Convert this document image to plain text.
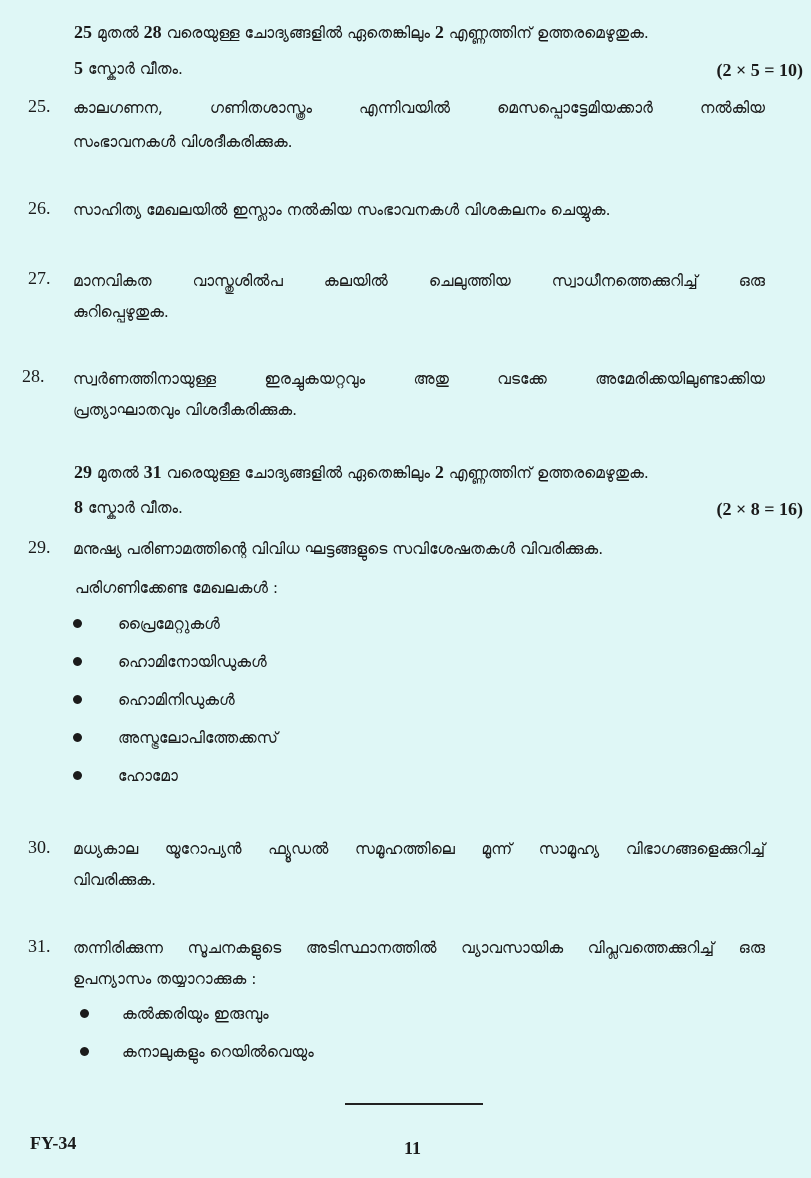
25 മുതൽ 28 വരെയുള്ള ചോദ്യങ്ങളിൽ ഏതെങ്കിലും 2 എണ്ണത്തിന് ഉത്തരമെഴുതുക.
5 സ്കോർ വീതം.	(2 × 5 = 10)
25. കാലഗണന, ഗണിതശാസ്ത്രം എന്നിവയിൽ മെസപ്പൊട്ടേമിയക്കാർ നൽകിയ
സംഭാവനകൾ വിശദീകരിക്കുക.
26. സാഹിത്യ മേഖലയിൽ ഇസ്ലാം നൽകിയ സംഭാവനകൾ വിശകലനം ചെയ്യുക.
27. മാനവികത വാസ്തുശിൽപ കലയിൽ ചെലുത്തിയ സ്വാധീനത്തെക്കുറിച്ച് ഒരു
കുറിപ്പെഴുതുക.
28. സ്വർണത്തിനായുള്ള ഇരച്ചുകയറ്റവും അതു വടക്കേ അമേരിക്കയിലുണ്ടാക്കിയ
പ്രത്യാഘാതവും വിശദീകരിക്കുക.
29 മുതൽ 31 വരെയുള്ള ചോദ്യങ്ങളിൽ ഏതെങ്കിലും 2 എണ്ണത്തിന് ഉത്തരമെഴുതുക.
8 സ്കോർ വീതം.	(2 × 8 = 16)
29. മനുഷ്യ പരിണാമത്തിന്റെ വിവിധ ഘട്ടങ്ങളുടെ സവിശേഷതകൾ വിവരിക്കുക.
പരിഗണിക്കേണ്ട മേഖലകൾ :
പ്രൈമേറ്റുകൾ
ഹൊമിനോയിഡുകൾ
ഹൊമിനിഡുകൾ
അസ്ട്രലോപിത്തേക്കസ്
ഹോമോ
30. മധ്യകാല യൂറോപ്യൻ ഫ്യൂഡൽ സമൂഹത്തിലെ മൂന്ന് സാമൂഹ്യ വിഭാഗങ്ങളെക്കുറിച്ച്
വിവരിക്കുക.
31. തന്നിരിക്കുന്ന സൂചനകളുടെ അടിസ്ഥാനത്തിൽ വ്യാവസായിക വിപ്ലവത്തെക്കുറിച്ച് ഒരു
ഉപന്യാസം തയ്യാറാക്കുക :
കൽക്കരിയും ഇരുമ്പും
കനാലുകളും റെയിൽവെയും
FY-34	11
